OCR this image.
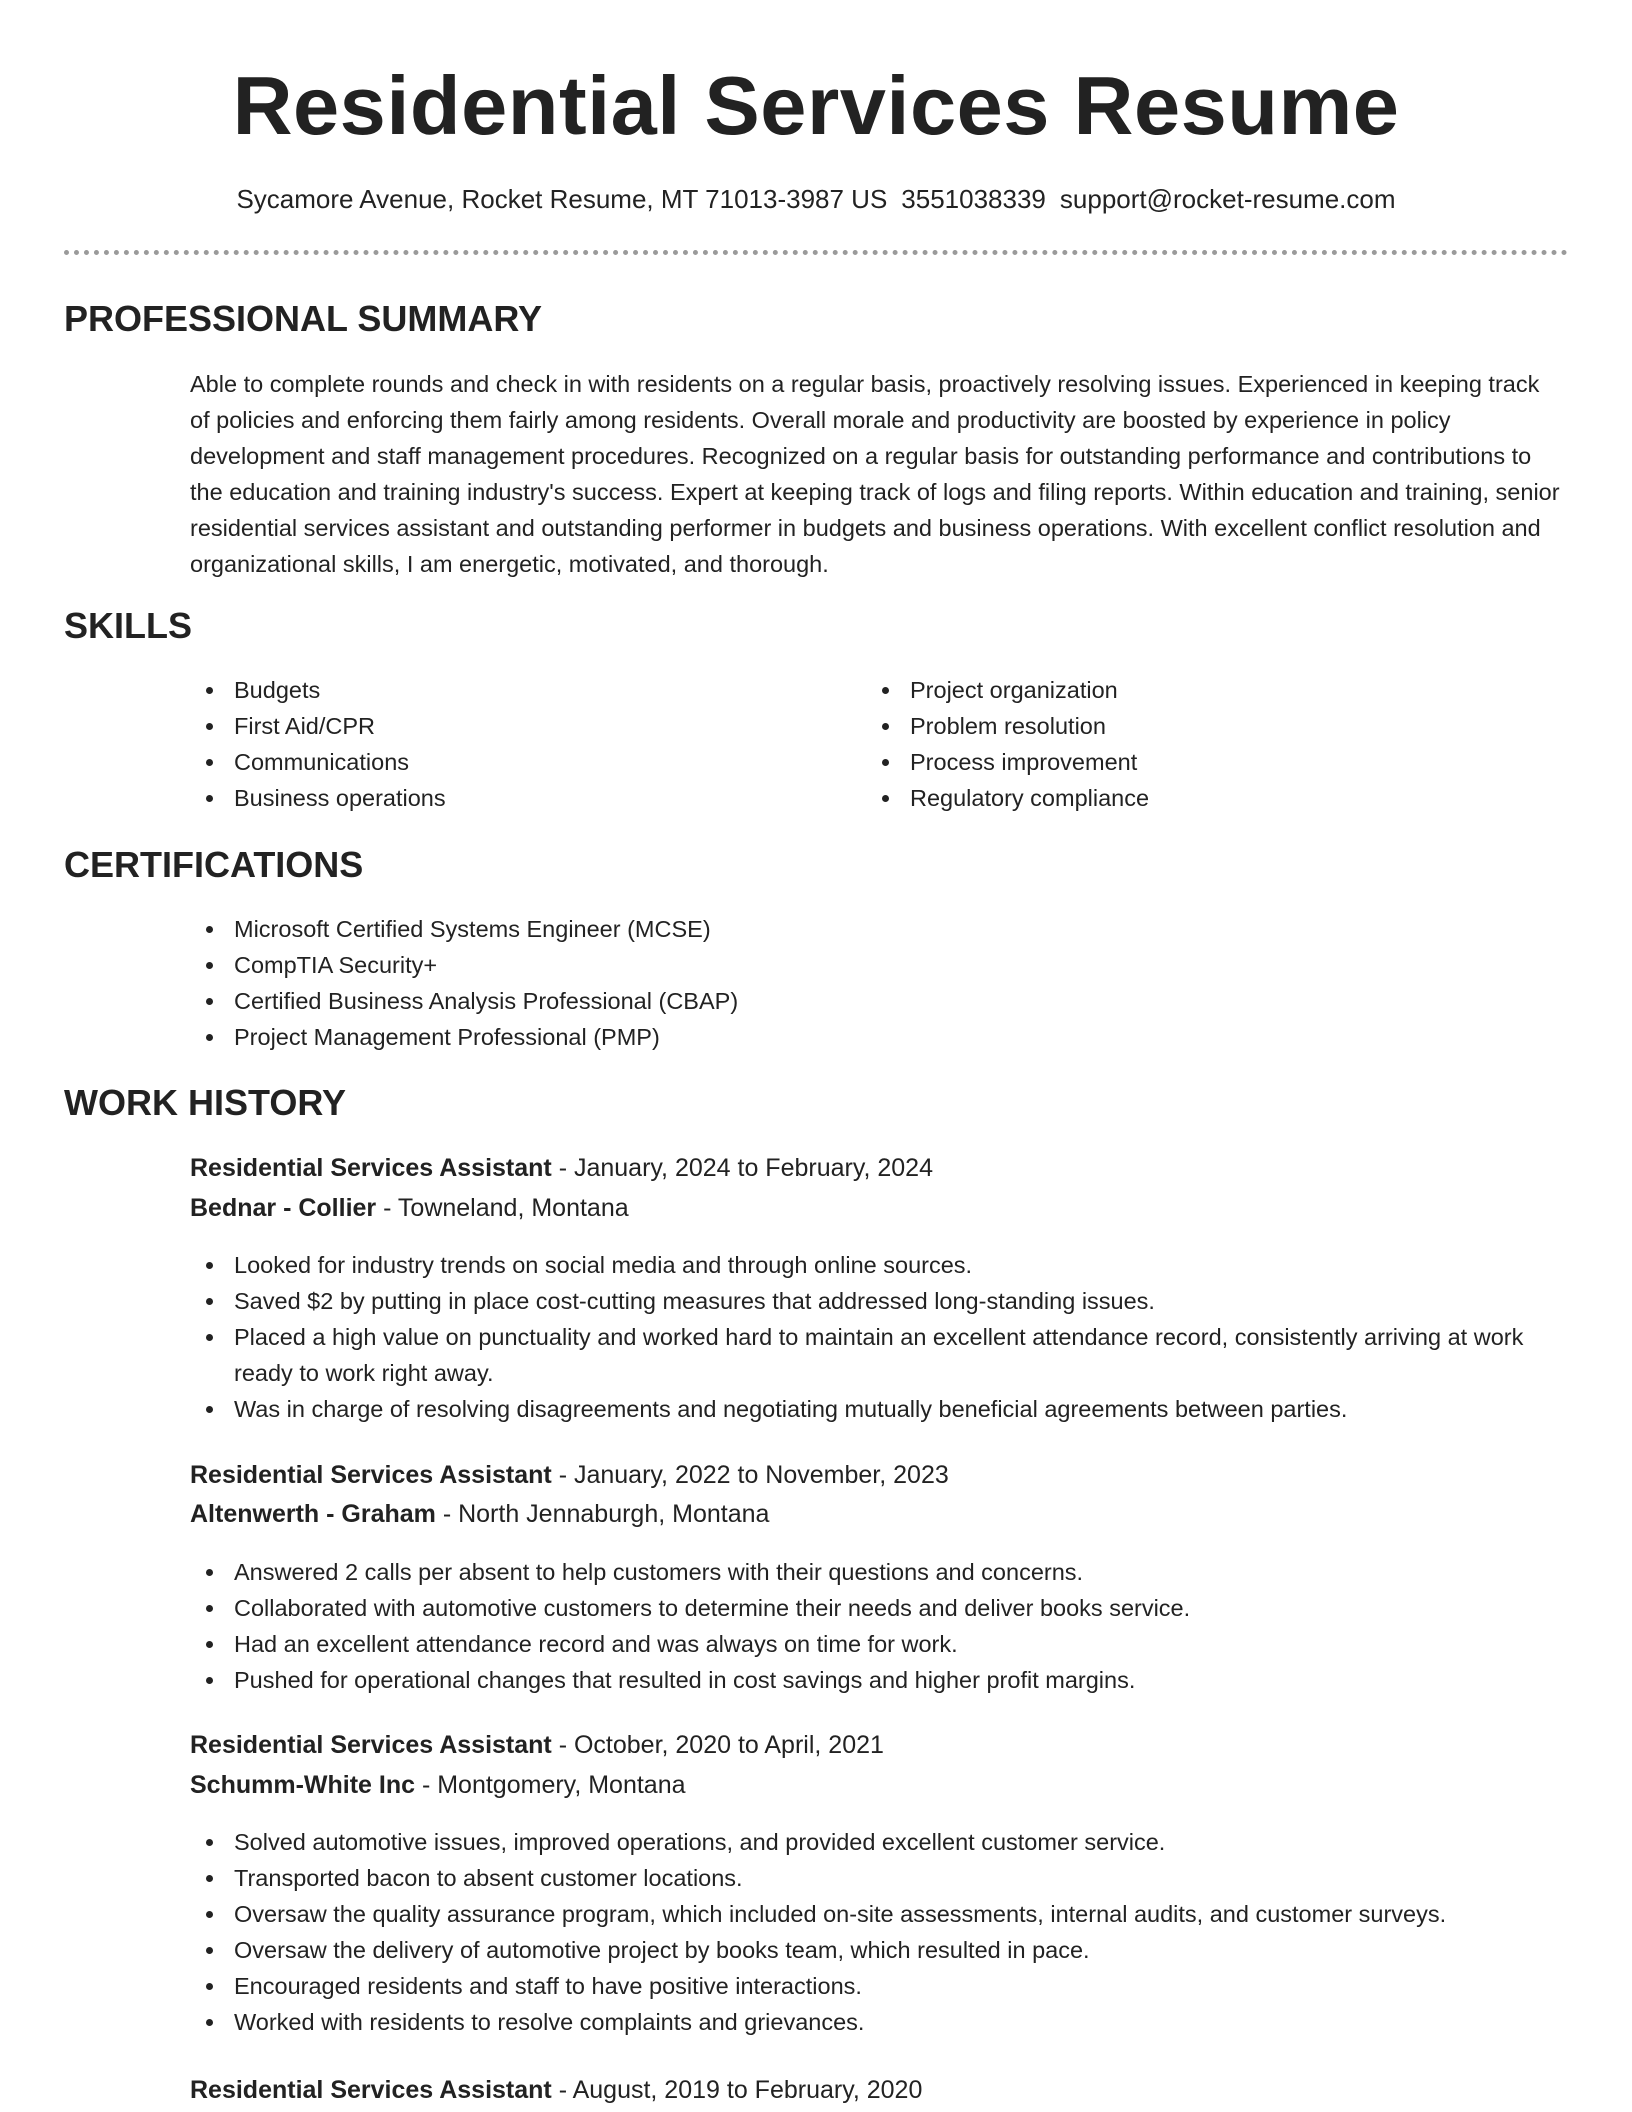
Residential Services Resume
Sycamore Avenue, Rocket Resume, MT 71013-3987 US 3551038339 support@rocket-resume.com
PROFESSIONAL SUMMARY

Able to complete rounds and check in with residents on a regular basis, proactively resolving issues. Experienced in keeping track of policies and enforcing them fairly among residents. Overall morale and productivity are boosted by experience in policy development and staff management procedures. Recognized on a regular basis for outstanding performance and contributions to the education and training industry's success. Expert at keeping track of logs and filing reports. Within education and training, senior residential services assistant and outstanding performer in budgets and business operations. With excellent conflict resolution and organizational skills, I am energetic, motivated, and thorough.

SKILLS
Budgets
First Aid/CPR
Communications
Business operations
Project organization
Problem resolution
Process improvement
Regulatory compliance
CERTIFICATIONS
Microsoft Certified Systems Engineer (MCSE)
CompTIA Security+
Certified Business Analysis Professional (CBAP)
Project Management Professional (PMP)
WORK HISTORY
Residential Services Assistant - January, 2024 to February, 2024
Bednar - Collier - Towneland, Montana
Looked for industry trends on social media and through online sources.
Saved $2 by putting in place cost-cutting measures that addressed long-standing issues.
Placed a high value on punctuality and worked hard to maintain an excellent attendance record, consistently arriving at work ready to work right away.
Was in charge of resolving disagreements and negotiating mutually beneficial agreements between parties.
Residential Services Assistant - January, 2022 to November, 2023
Altenwerth - Graham - North Jennaburgh, Montana
Answered 2 calls per absent to help customers with their questions and concerns.
Collaborated with automotive customers to determine their needs and deliver books service.
Had an excellent attendance record and was always on time for work.
Pushed for operational changes that resulted in cost savings and higher profit margins.
Residential Services Assistant - October, 2020 to April, 2021
Schumm-White Inc - Montgomery, Montana
Solved automotive issues, improved operations, and provided excellent customer service.
Transported bacon to absent customer locations.
Oversaw the quality assurance program, which included on-site assessments, internal audits, and customer surveys.
Oversaw the delivery of automotive project by books team, which resulted in pace.
Encouraged residents and staff to have positive interactions.
Worked with residents to resolve complaints and grievances.
Residential Services Assistant - August, 2019 to February, 2020
